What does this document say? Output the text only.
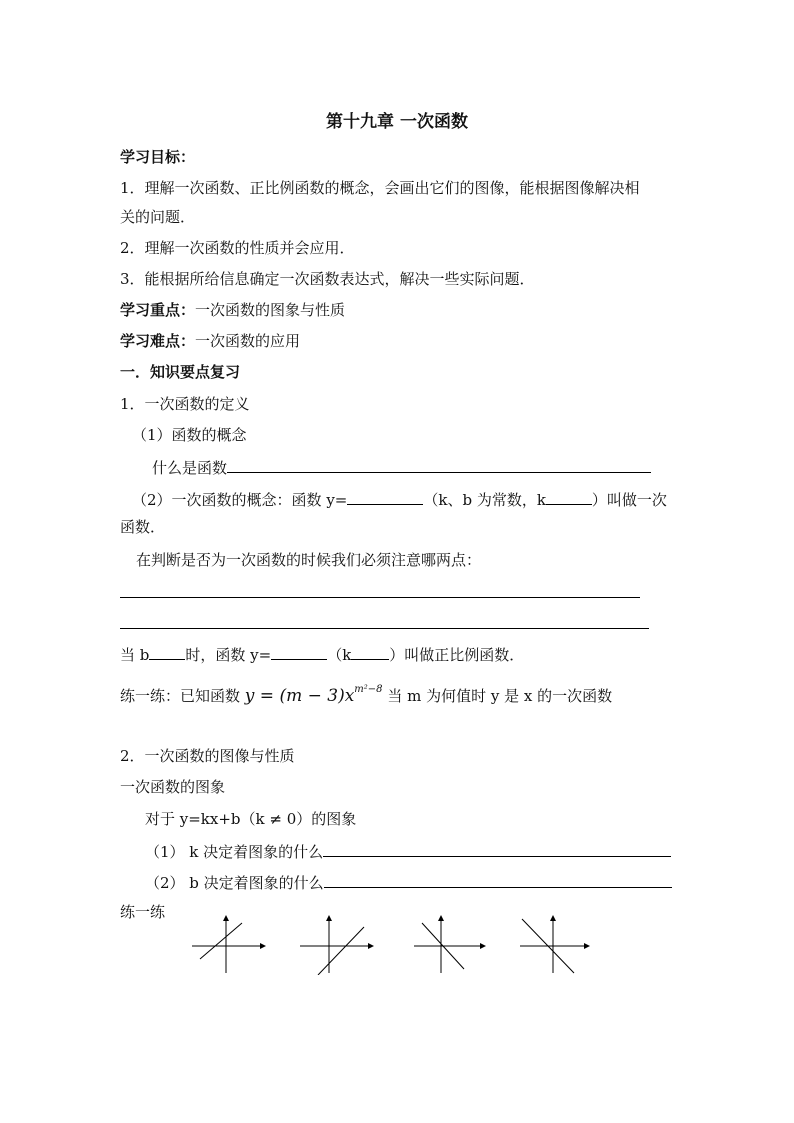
第十九章 一次函数
学习目标：
1．理解一次函数、正比例函数的概念，会画出它们的图像，能根据图像解决相
关的问题．
2．理解一次函数的性质并会应用．
3．能根据所给信息确定一次函数表达式，解决一些实际问题．
学习重点：一次函数的图象与性质
学习难点：一次函数的应用
一．知识要点复习
1．一次函数的定义
（1）函数的概念
什么是函数
（2）一次函数的概念：函数 y=	（k、b 为常数，k	）叫做一次
函数．
在判断是否为一次函数的时候我们必须注意哪两点：
当 b 时，函数 y=	（k	）叫做正比例函数．
练一练：已知函数 $y = (m - 3)x^{m^2-8}$ 当 m 为何值时 y 是 x 的一次函数
2．一次函数的图像与性质
一次函数的图象
对于 y=kx+b（k ≠ 0）的图象
（1） k 决定着图象的什么
（2） b 决定着图象的什么
练一练
